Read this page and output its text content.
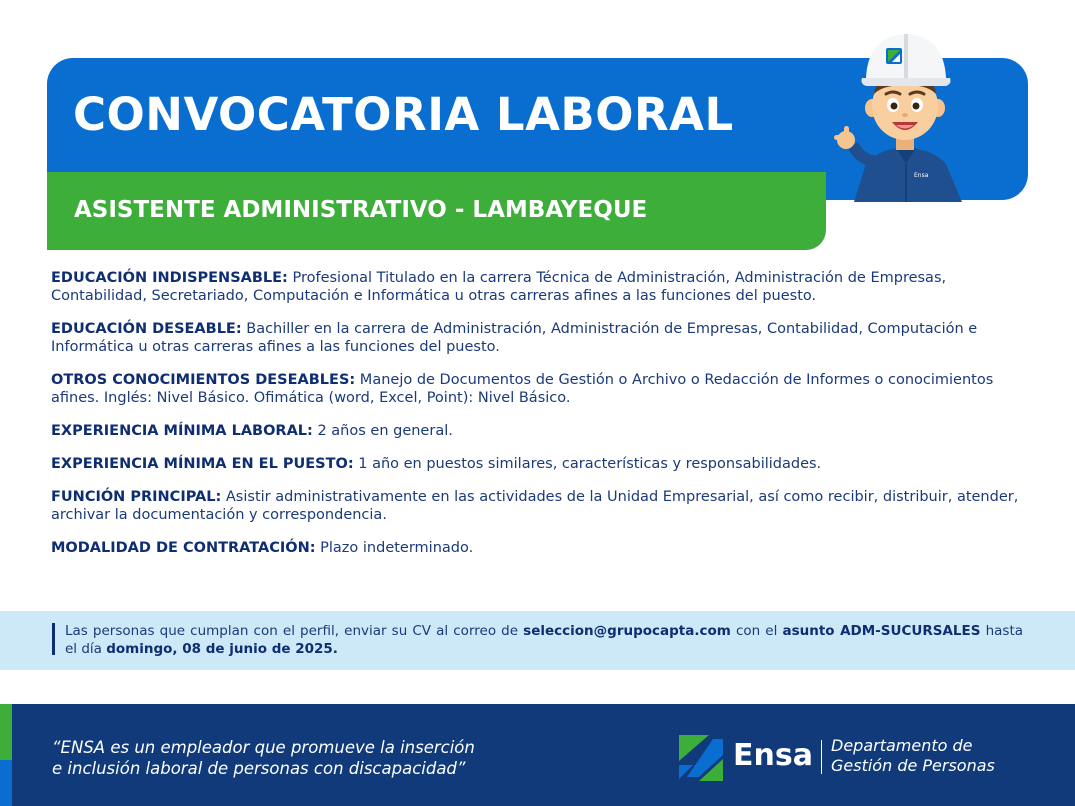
CONVOCATORIA LABORAL
ASISTENTE ADMINISTRATIVO - LAMBAYEQUE
Ensa

EDUCACIÓN INDISPENSABLE: Profesional Titulado en la carrera Técnica de Administración, Administración de Empresas, Contabilidad, Secretariado, Computación e Informática u otras carreras afines a las funciones del puesto.

EDUCACIÓN DESEABLE: Bachiller en la carrera de Administración, Administración de Empresas, Contabilidad, Computación e Informática u otras carreras afines a las funciones del puesto.

OTROS CONOCIMIENTOS DESEABLES: Manejo de Documentos de Gestión o Archivo o Redacción de Informes o conocimientos afines. Inglés: Nivel Básico. Ofimática (word, Excel, Point): Nivel Básico.

EXPERIENCIA MÍNIMA LABORAL: 2 años en general.

EXPERIENCIA MÍNIMA EN EL PUESTO: 1 año en puestos similares, características y responsabilidades.

FUNCIÓN PRINCIPAL: Asistir administrativamente en las actividades de la Unidad Empresarial, así como recibir, distribuir, atender, archivar la documentación y correspondencia.

MODALIDAD DE CONTRATACIÓN: Plazo indeterminado.

Las personas que cumplan con el perfil, enviar su CV al correo de seleccion@grupocapta.com con el asunto ADM-SUCURSALES hasta el día domingo, 08 de junio de 2025.

“ENSA es un empleador que promueve la inserción
e inclusión laboral de personas con discapacidad”	Ensa Departamento de
Gestión de Personas
